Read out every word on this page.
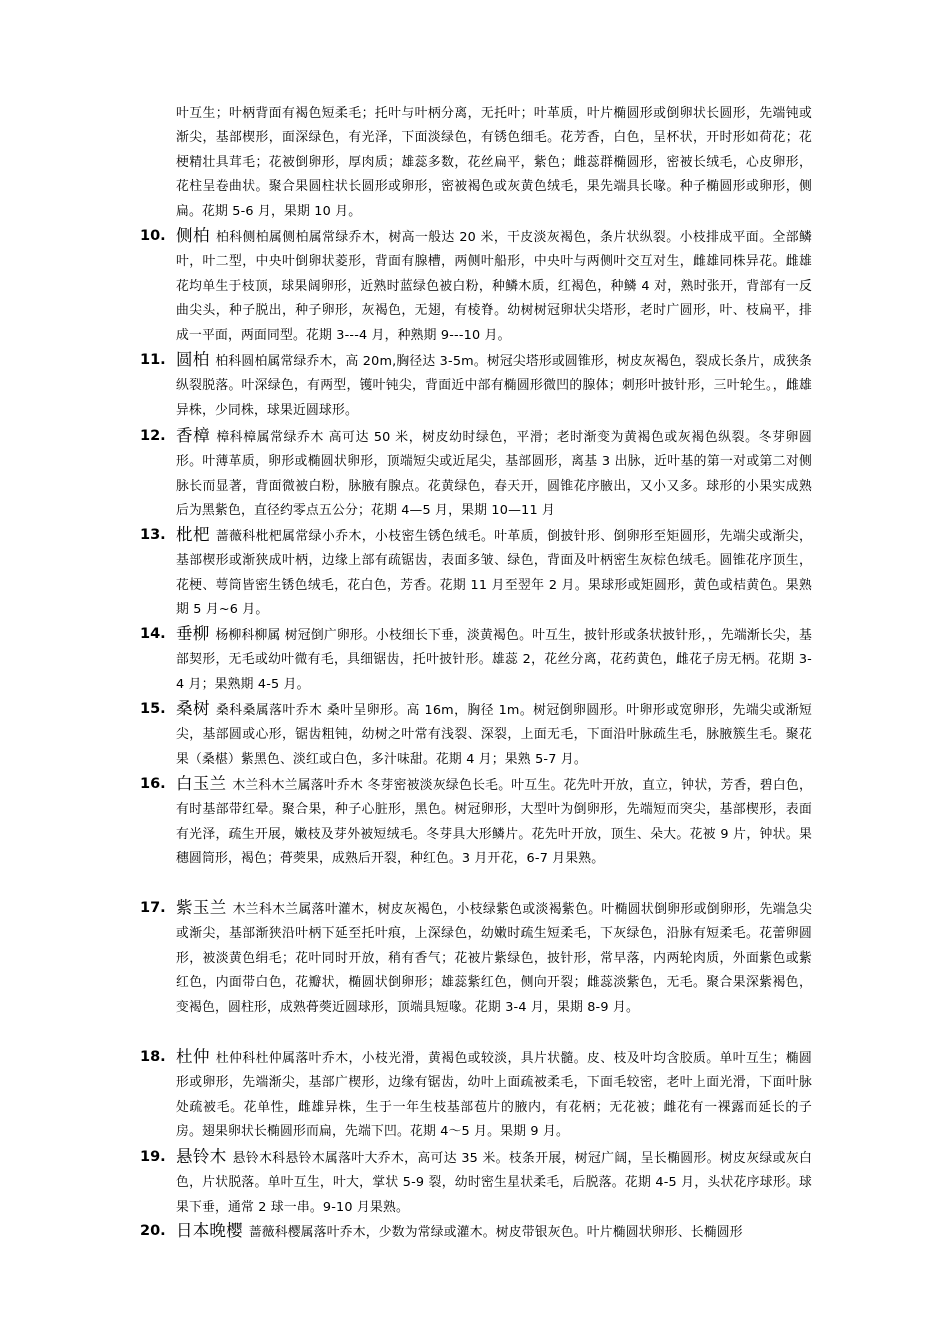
叶互生；叶柄背面有褐色短柔毛；托叶与叶柄分离，无托叶；叶革质，叶片椭圆形或倒卵状长圆形，先端钝或渐尖，基部楔形，面深绿色，有光泽，下面淡绿色，有锈色细毛。花芳香，白色，呈杯状，开时形如荷花；花梗精壮具茸毛；花被倒卵形，厚肉质；雄蕊多数，花丝扁平，紫色；雌蕊群椭圆形，密被长绒毛，心皮卵形，花柱呈卷曲状。聚合果圆柱状长圆形或卵形，密被褐色或灰黄色绒毛，果先端具长喙。种子椭圆形或卵形，侧扁。花期 5-6 月，果期 10 月。
10. 侧柏 柏科侧柏属侧柏属常绿乔木，树高一般达 20 米，干皮淡灰褐色，条片状纵裂。小枝排成平面。全部鳞叶，叶二型，中央叶倒卵状菱形，背面有腺槽，两侧叶船形，中央叶与两侧叶交互对生，雌雄同株异花。雌雄花均单生于枝顶，球果阔卵形，近熟时蓝绿色被白粉，种鳞木质，红褐色，种鳞 4 对，熟时张开，背部有一反曲尖头，种子脱出，种子卵形，灰褐色，无翅，有棱脊。幼树树冠卵状尖塔形，老时广圆形，叶、枝扁平，排成一平面，两面同型。花期 3---4 月，种熟期 9---10 月。
11. 圆柏 柏科圆柏属常绿乔木，高 20m,胸径达 3-5m。树冠尖塔形或圆锥形，树皮灰褐色，裂成长条片，成狭条纵裂脱落。叶深绿色，有两型，镬叶钝尖，背面近中部有椭圆形微凹的腺体；刺形叶披针形，三叶轮生。，雌雄异株，少同株，球果近圆球形。
12. 香樟 樟科樟属常绿乔木 高可达 50 米，树皮幼时绿色，平滑；老时渐变为黄褐色或灰褐色纵裂。冬芽卵圆形。叶薄革质，卵形或椭圆状卵形，顶端短尖或近尾尖，基部圆形，离基 3 出脉，近叶基的第一对或第二对侧脉长而显著，背面微被白粉，脉腋有腺点。花黄绿色，春天开，圆锥花序腋出，又小又多。球形的小果实成熟后为黑紫色，直径约零点五公分；花期 4—5 月，果期 10—11 月
13. 枇杷 蔷薇科枇杷属常绿小乔木，小枝密生锈色绒毛。叶革质，倒披针形、倒卵形至矩圆形，先端尖或渐尖，基部楔形或渐狭成叶柄，边缘上部有疏锯齿，表面多皱、绿色，背面及叶柄密生灰棕色绒毛。圆锥花序顶生，花梗、萼筒皆密生锈色绒毛，花白色，芳香。花期 11 月至翌年 2 月。果球形或矩圆形，黄色或桔黄色。果熟期 5 月~6 月。
14. 垂柳 杨柳科柳属 树冠倒广卵形。小枝细长下垂，淡黄褐色。叶互生，披针形或条状披针形，，先端渐长尖，基部契形，无毛或幼叶微有毛，具细锯齿，托叶披针形。雄蕊 2，花丝分离，花药黄色，雌花子房无柄。花期 3-4 月；果熟期 4-5 月。
15. 桑树 桑科桑属落叶乔木 桑叶呈卵形。高 16m，胸径 1m。树冠倒卵圆形。叶卵形或宽卵形，先端尖或渐短尖，基部圆或心形，锯齿粗钝，幼树之叶常有浅裂、深裂，上面无毛，下面沿叶脉疏生毛，脉腋簇生毛。聚花果（桑椹）紫黑色、淡红或白色，多汁味甜。花期 4 月；果熟 5-7 月。
16. 白玉兰 木兰科木兰属落叶乔木 冬芽密被淡灰绿色长毛。叶互生。花先叶开放，直立，钟状，芳香，碧白色，有时基部带红晕。聚合果，种子心脏形，黑色。树冠卵形，大型叶为倒卵形，先端短而突尖，基部楔形，表面有光泽，疏生开展，嫩枝及芽外被短绒毛。冬芽具大形鳞片。花先叶开放，顶生、朵大。花被 9 片，钟状。果穗圆筒形，褐色；蓇葖果，成熟后开裂，种红色。3 月开花，6-7 月果熟。
17. 紫玉兰 木兰科木兰属落叶灌木，树皮灰褐色，小枝绿紫色或淡褐紫色。叶椭圆状倒卵形或倒卵形，先端急尖或渐尖，基部渐狭沿叶柄下延至托叶痕，上深绿色，幼嫩时疏生短柔毛，下灰绿色，沿脉有短柔毛。花蕾卵圆形，被淡黄色绢毛；花叶同时开放，稍有香气；花被片紫绿色，披针形，常早落，内两轮肉质，外面紫色或紫红色，内面带白色，花瓣状，椭圆状倒卵形；雄蕊紫红色，侧向开裂；雌蕊淡紫色，无毛。聚合果深紫褐色，变褐色，圆柱形，成熟蓇葖近圆球形，顶端具短喙。花期 3-4 月，果期 8-9 月。
18. 杜仲 杜仲科杜仲属落叶乔木，小枝光滑，黄褐色或较淡，具片状髓。皮、枝及叶均含胶质。单叶互生；椭圆形或卵形，先端渐尖，基部广楔形，边缘有锯齿，幼叶上面疏被柔毛，下面毛较密，老叶上面光滑，下面叶脉处疏被毛。花单性，雌雄异株，生于一年生枝基部苞片的腋内，有花柄；无花被；雌花有一裸露而延长的子房。翅果卵状长椭圆形而扁，先端下凹。花期 4～5 月。果期 9 月。
19. 悬铃木 悬铃木科悬铃木属落叶大乔木，高可达 35 米。枝条开展，树冠广阔，呈长椭圆形。树皮灰绿或灰白色，片状脱落。单叶互生，叶大，掌状 5-9 裂，幼时密生星状柔毛，后脱落。花期 4-5 月，头状花序球形。球果下垂，通常 2 球一串。9-10 月果熟。
20. 日本晚樱 蔷薇科樱属落叶乔木，少数为常绿或灌木。树皮带银灰色。叶片椭圆状卵形、长椭圆形
